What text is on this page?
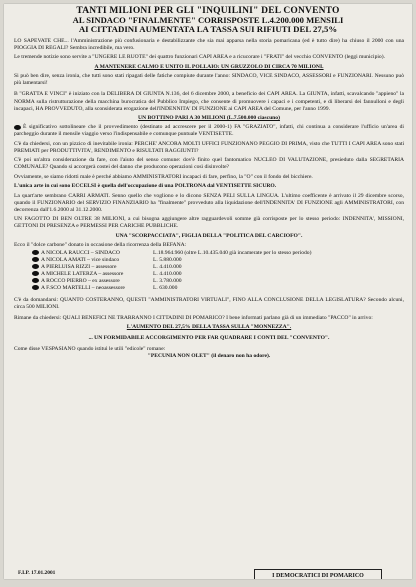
TANTI MILIONI PER GLI "INQUILINI" DEL CONVENTO
AL SINDACO "FINALMENTE" CORRISPOSTE L.4.200.000 MENSILI
AI CITTADINI AUMENTATA LA TASSA SUI RIFIUTI DEL 27,5%
LO SAPEVATE CHE... l'Amministrazione più confusionaria e destabilizzante che sia mai apparsa nella storia pomaricana (ed è tutto dire) ha chiuso il 2000 con una PIOGGIA DI REGALI? Sembra incredibile, ma vero.
Le tremende notizie sono servite a "UNGERE LE RUOTE" dei quattro funzionari CAPI AREA e a ricucorare i "FRATI" del vecchio CONVENTO (leggi municipio).
A MANTENERE CALMO E UNITO IL POLLAIO: UN GRUZZOLO DI CIRCA 70 MILIONI.
Si può ben dire, senza ironia, che tutti sono stati ripagati delle fatiche compiute durante l'anno: SINDACO, VICE SINDACO, ASSESSORI e FUNZIONARI. Nessuno può più lamentarsi!
B "GRATTA E VINCI" è iniziato con la DELIBERA DI GIUNTA N.136, del 6 dicembre 2000, a beneficio dei CAPI AREA. La GIUNTA, infatti, scavalcando "appieno" la NORMA sulla ristrutturazione della macchina burocratica del Pubblico Impiego, che consente di promuovere i capaci e i competenti, e di liberarsi dei fannulloni e degli incapaci, HA PROVVEDUTO, alla sconsiderata erogazione dell'INDENNITA' DI FUNZIONE ai CAPI AREA del Comune, per l'anno 1999.
UN BOTTINO PARI A 30 MILIONI (L.7.500.000 ciascuno)
È significativo sottolineare che il provvedimento (destinato ad accrescere per il 2000-1) FA "GRAZIATO", infatti, chi continua a considerare l'ufficio un'area di parcheggio durante il mensile viaggio verso l'indispensabile e comunque puntuale VENTISETTE.
C'è da chiedersi, con un pizzico di inevitabile ironia: PERCHE' ANCORA MOLTI UFFICI FUNZIONANO PEGGIO DI PRIMA, visto che TUTTI I CAPI AREA sono stati PREMIATI per PRODUTTIVITA', RENDIMENTO e RISULTATI RAGGIUNTI?
C'è poi un'altra considerazione da fare, con l'aiuto del senso comune: dov'è finito quel fantomatico NUCLEO DI VALUTAZIONE, presieduto dalla SEGRETARIA COMUNALE? Quando si accorgerà costei del danno che producono operazioni così disinvolte?
Ovviamente, se siamo ridotti male è perché abbiamo AMMINISTRATORI incapaci di fare, perfino, la "O" con il fondo del bicchiere.
L'unica arte in cui sono ECCELSI è quella dell'occupazione di una POLTRONA dal VENTISETTE SICURO.
La quart'arte sembrano CARRI ARMATI. Senno quello che vogliono e lo dicono SENZA PELI SULLA LINGUA. L'ultimo coefficente è arrivato il 29 dicembre scorso, quando il FUNZIONARIO del SERVIZIO FINANZIARIO ha "finalmente" provveduto alla liquidazione dell'INDENNITA' DI FUNZIONE agli AMMINISTRATORI, con decorrenza dall'1.6.2000 al 31.12.2000.
UN FAGOTTO DI BEN OLTRE 38 MILIONI, a cui bisogna aggiungere altre ragguardevoli somme già corrisposte per lo stesso periodo: INDENNITA', MISSIONI, GETTONI DI PRESENZA e PERMESSI PER CARICHE PUBBLICHE.
UNA "SCORPACCIATA", FIGLIA DELLA "POLITICA DEL CARCIOFO".
Ecco il "dolce carbone" donato in occasione della ricorrenza della BEFANA:
A NICOLA RAUCCI – SINDACO	L.18.964.960 (oltre L.10.435.040 già incamerate per lo stesso periodo)
A NICOLA AMATI – vice sindaco	L. 5.880.000
A PIERLUISA RIZZI – assessore	L. 4.410.000
A MICHELE LATERZA – assessore	L. 4.410.000
A ROCCO PIERRO – ex assessore	L. 3.780.000
A F.SCO MARTELLI – neoassessore	L. 630.000
C'è da domandarsi: QUANTO COSTERANNO, QUESTI "AMMINISTRATORI VIRTUALI", FINO ALLA CONCLUSIONE DELLA LEGISLATURA? Secondo alcuni, circa 500 MILIONI.
Rimane da chiedersi: QUALI BENEFICI NE TRARRANNO I CITTADINI DI POMARICO? I bene informati parlano già di un immediato "PACCO" in arrivo:
L'AUMENTO DEL 27,5% DELLA TASSA SULLA "MONNEZZA".
... UN FORMIDABILE ACCORGIMENTO PER FAR QUADRARE I CONTI DEL "CONVENTO".
Come disse VESPASIANO quando istituì le utili "edicole" romane:
"PECUNIA NON OLET" (il denaro non ha odore).
F.I.P. 17.01.2001	I DEMOCRATICI DI POMARICO
